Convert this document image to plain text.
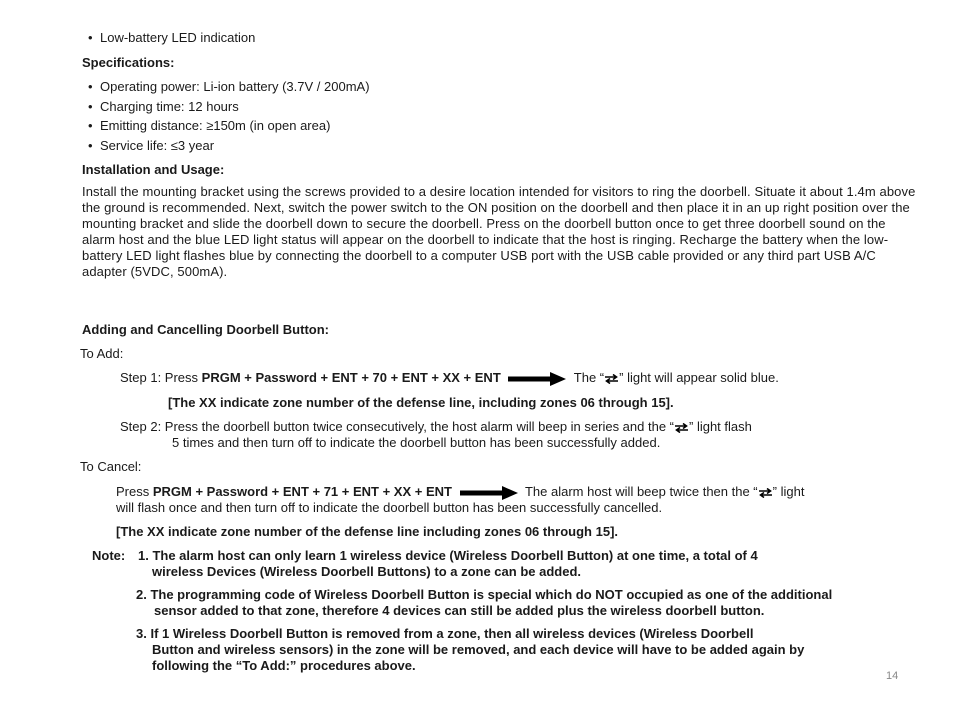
• Low-battery LED indication
Specifications:
• Operating power: Li-ion battery (3.7V / 200mA)
• Charging time: 12 hours
• Emitting distance: ≥150m (in open area)
• Service life: ≤3 year
Installation and Usage:
Install the mounting bracket using the screws provided to a desire location intended for visitors to ring the doorbell. Situate it about 1.4m above the ground is recommended. Next, switch the power switch to the ON position on the doorbell and then place it in an up right position over the mounting bracket and slide the doorbell down to secure the doorbell. Press on the doorbell button once to get three doorbell sound on the alarm host and the blue LED light status will appear on the doorbell to indicate that the host is ringing. Recharge the battery when the low-battery LED light flashes blue by connecting the doorbell to a computer USB port with the USB cable provided or any third part USB A/C adapter (5VDC, 500mA).
Adding and Cancelling Doorbell Button:
To Add:
Step 1: Press PRGM + Password + ENT + 70 + ENT + XX + ENT	The “ ” light will appear solid blue.
[The XX indicate zone number of the defense line, including zones 06 through 15].
Step 2: Press the doorbell button twice consecutively, the host alarm will beep in series and the “ ” light flash
5 times and then turn off to indicate the doorbell button has been successfully added.
To Cancel:
Press PRGM + Password + ENT + 71 + ENT + XX + ENT	The alarm host will beep twice then the “ ” light
will flash once and then turn off to indicate the doorbell button has been successfully cancelled.
[The XX indicate zone number of the defense line including zones 06 through 15].
Note: 1. The alarm host can only learn 1 wireless device (Wireless Doorbell Button) at one time, a total of 4
wireless Devices (Wireless Doorbell Buttons) to a zone can be added.
2. The programming code of Wireless Doorbell Button is special which do NOT occupied as one of the additional
sensor added to that zone, therefore 4 devices can still be added plus the wireless doorbell button.
3. If 1 Wireless Doorbell Button is removed from a zone, then all wireless devices (Wireless Doorbell
Button and wireless sensors) in the zone will be removed, and each device will have to be added again by
following the “To Add:” procedures above.
14
